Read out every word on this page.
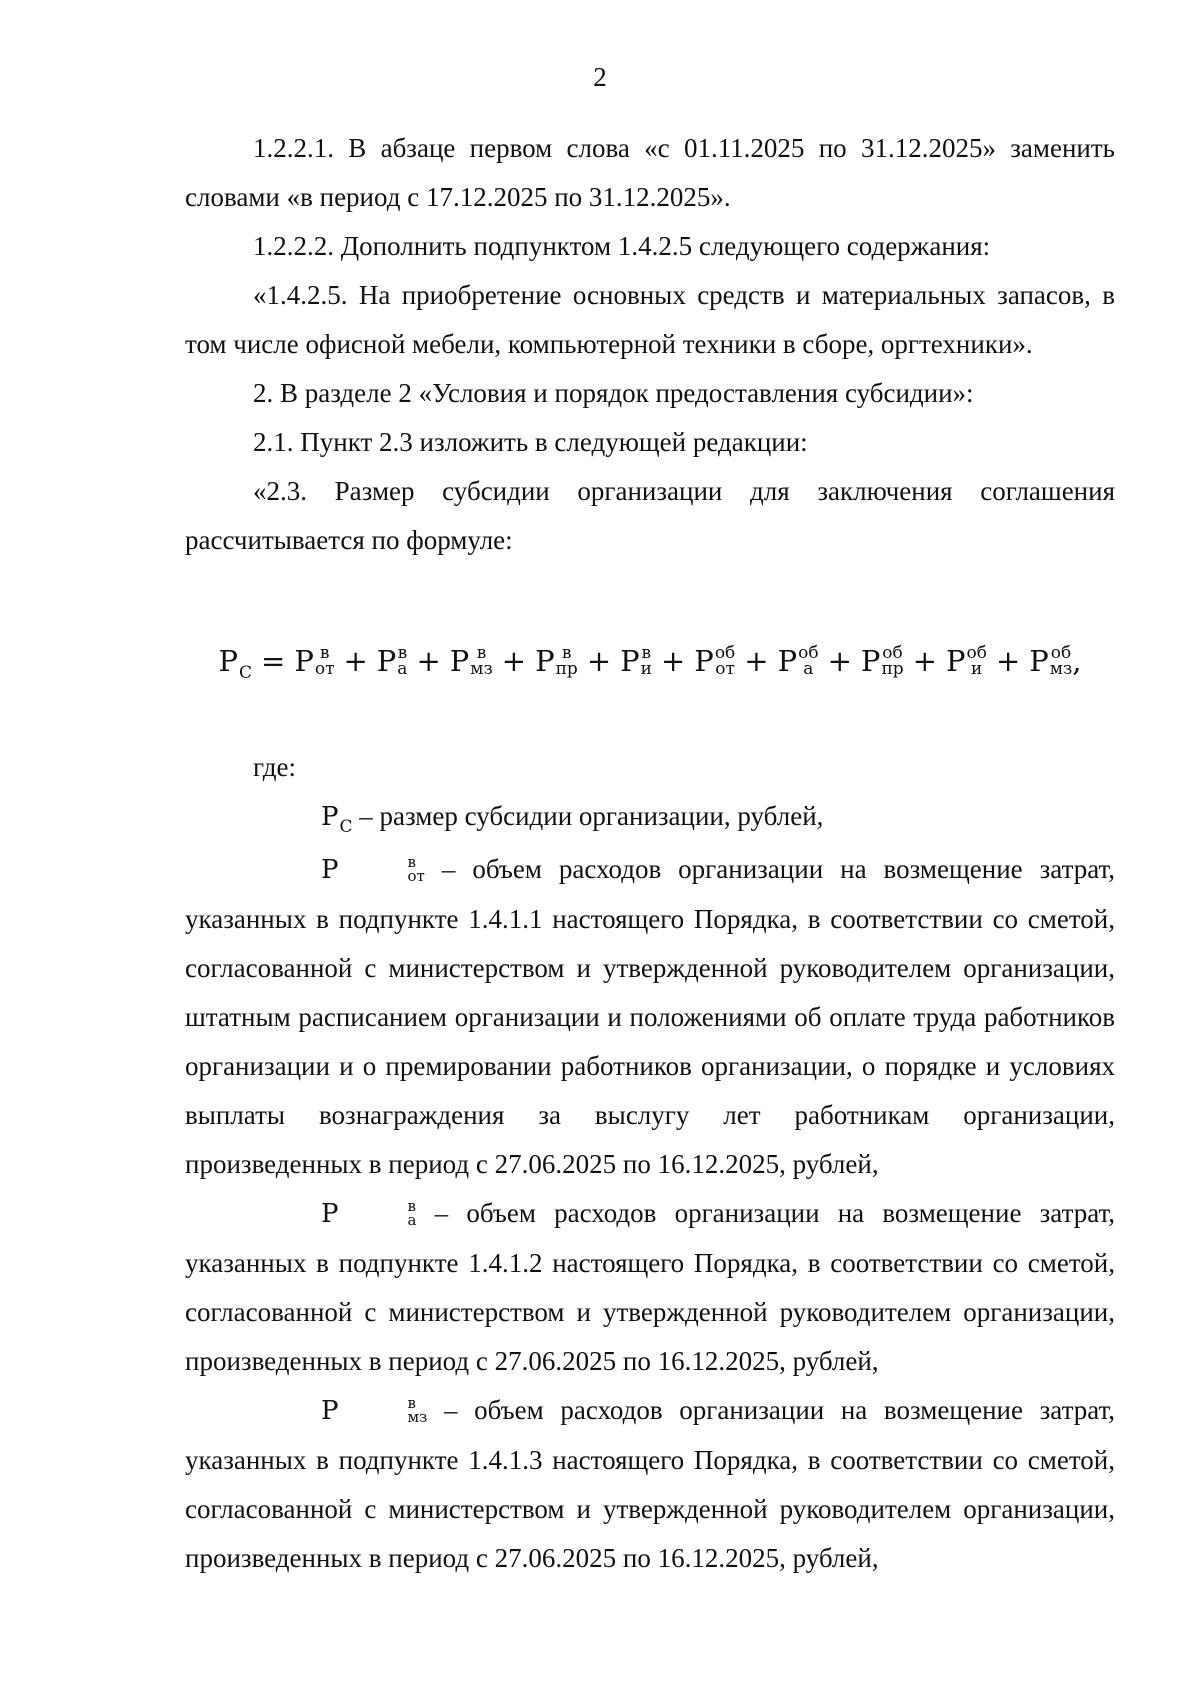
2

1.2.2.1. В абзаце первом слова «с 01.11.2025 по 31.12.2025» заменить словами «в период с 17.12.2025 по 31.12.2025».

1.2.2.2. Дополнить подпунктом 1.4.2.5 следующего содержания:

«1.4.2.5. На приобретение основных средств и материальных запасов, в том числе офисной мебели, компьютерной техники в сборе, оргтехники».

2. В разделе 2 «Условия и порядок предоставления субсидии»:

2.1. Пункт 2.3 изложить в следующей редакции:

«2.3. Размер субсидии организации для заключения соглашения рассчитывается по формуле:

$P_С = P$ в
от + P в
а + P в
мз + P в
пр + P в
и + P об
от + P об
а + P об
пр + P об
и + P об
мз ,

где:

$P_С$ – размер субсидии организации, рублей,

P	в
от – объем расходов организации на возмещение затрат, указанных в подпункте 1.4.1.1 настоящего Порядка, в соответствии со сметой, согласованной с министерством и утвержденной руководителем организации, штатным расписанием организации и положениями об оплате труда работников организации и о премировании работников организации, о порядке и условиях выплаты вознаграждения за выслугу лет работникам организации, произведенных в период с 27.06.2025 по 16.12.2025, рублей,

P	в
а – объем расходов организации на возмещение затрат, указанных в подпункте 1.4.1.2 настоящего Порядка, в соответствии со сметой, согласованной с министерством и утвержденной руководителем организации, произведенных в период с 27.06.2025 по 16.12.2025, рублей,

P	в
мз – объем расходов организации на возмещение затрат, указанных в подпункте 1.4.1.3 настоящего Порядка, в соответствии со сметой, согласованной с министерством и утвержденной руководителем организации, произведенных в период с 27.06.2025 по 16.12.2025, рублей,
